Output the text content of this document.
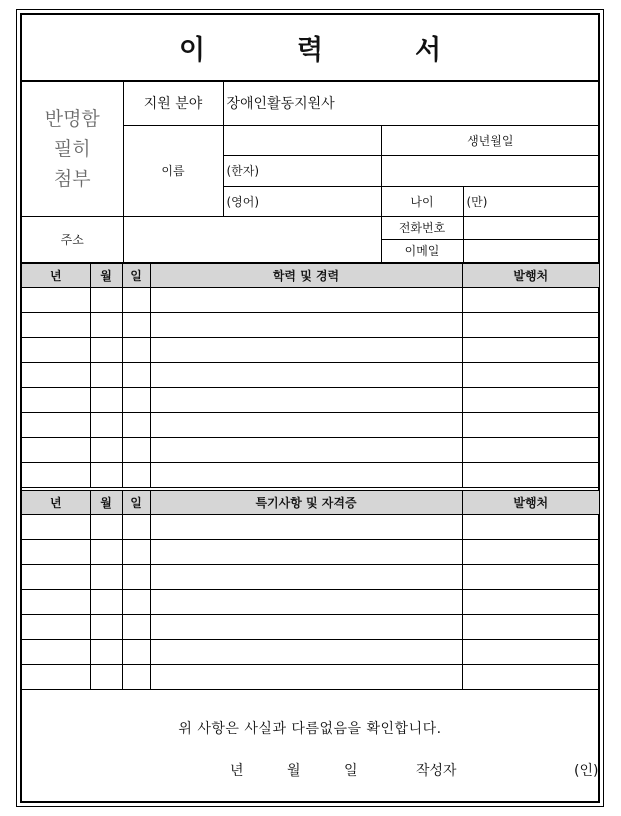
이	력	서
반명함
필히
첨부	지원 분야	장애인활동지원사		
	이름		생년월일	
		(한자)		
		(영어)	나이	(만)
주소			전화번호	
			이메일	
년	월	일	학력 및 경력	발행처

년	월	일	특기사항 및 자격증	발행처

위 사항은 사실과 다름없음을 확인합니다.
년	월	일	작성자	(인)
